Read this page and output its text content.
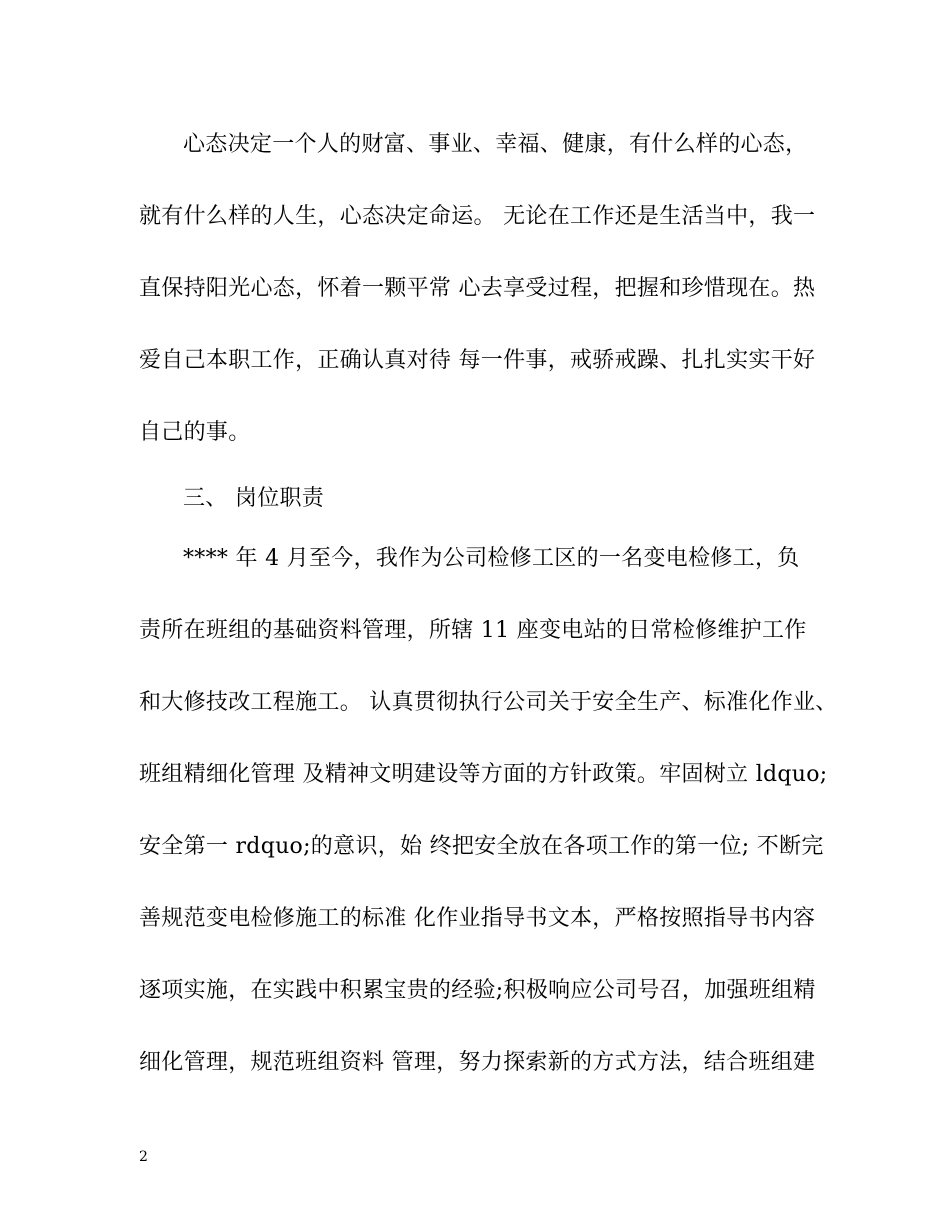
心态决定一个人的财富、事业、幸福、健康，有什么样的心态，
就有什么样的人生，心态决定命运。 无论在工作还是生活当中，我一
直保持阳光心态，怀着一颗平常 心去享受过程，把握和珍惜现在。热
爱自己本职工作，正确认真对待 每一件事，戒骄戒躁、扎扎实实干好
自己的事。
三、 岗位职责
**** 年 4 月至今，我作为公司检修工区的一名变电检修工，负
责所在班组的基础资料管理，所辖 11 座变电站的日常检修维护工作
和大修技改工程施工。 认真贯彻执行公司关于安全生产、标准化作业、
班组精细化管理 及精神文明建设等方面的方针政策。牢固树立 ldquo;
安全第一 rdquo;的意识，始 终把安全放在各项工作的第一位; 不断完
善规范变电检修施工的标准 化作业指导书文本，严格按照指导书内容
逐项实施，在实践中积累宝贵的经验;积极响应公司号召，加强班组精
细化管理，规范班组资料 管理，努力探索新的方式方法，结合班组建
2
